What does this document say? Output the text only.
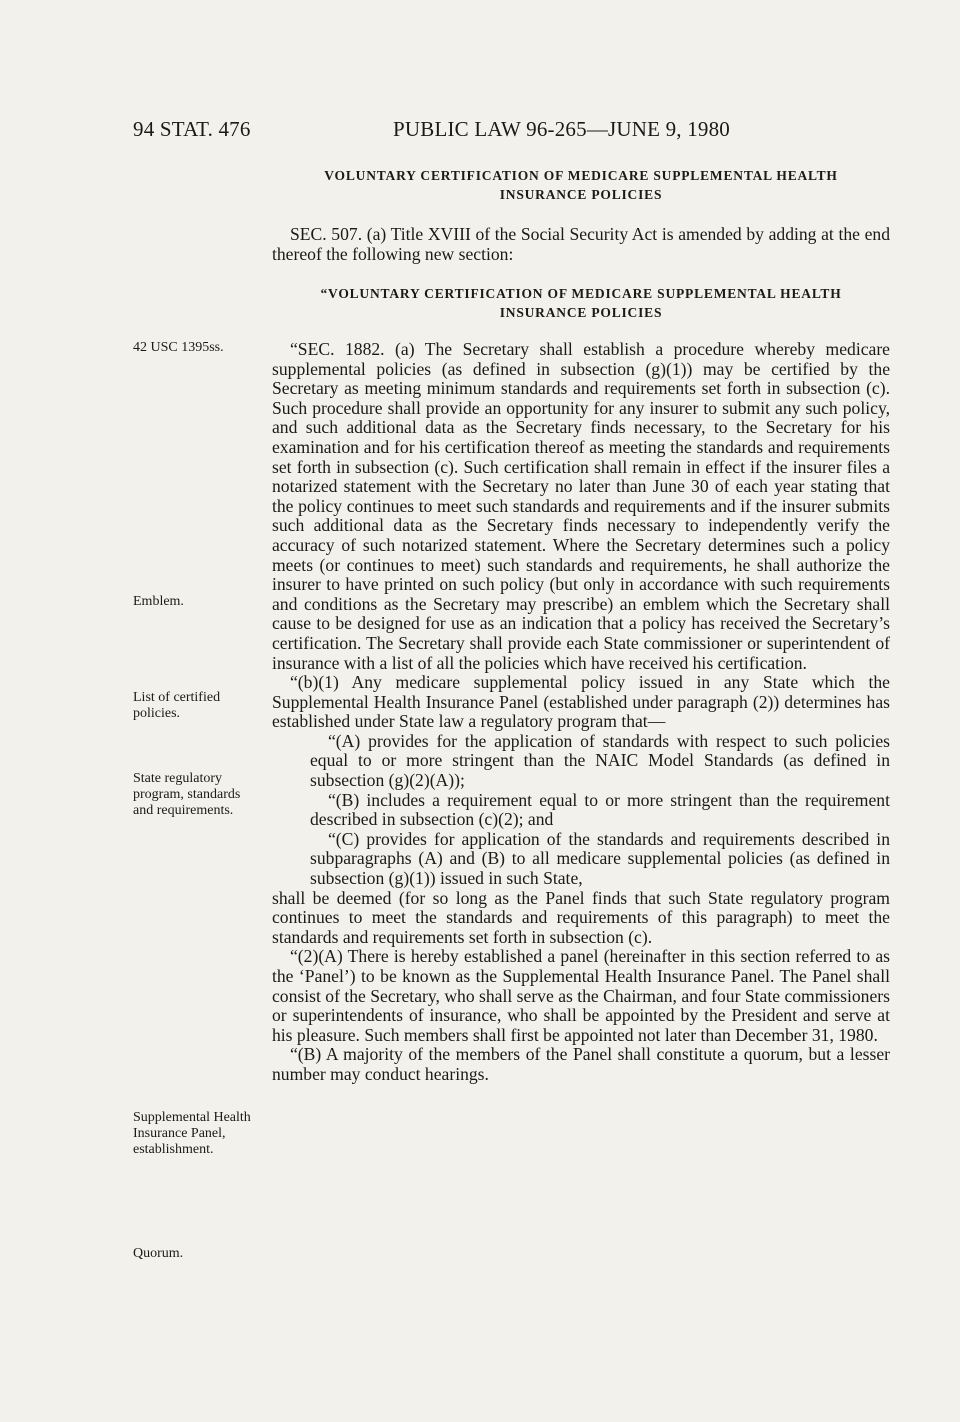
94 STAT. 476	PUBLIC LAW 96-265—JUNE 9, 1980
VOLUNTARY CERTIFICATION OF MEDICARE SUPPLEMENTAL HEALTH
INSURANCE POLICIES

SEC. 507. (a) Title XVIII of the Social Security Act is amended by adding at the end thereof the following new section:

“VOLUNTARY CERTIFICATION OF MEDICARE SUPPLEMENTAL HEALTH
INSURANCE POLICIES
42 USC 1395ss.
Emblem.
List of certified policies.
State regulatory program, standards and requirements.
Supplemental Health Insurance Panel, establishment.
Quorum.

“SEC. 1882. (a) The Secretary shall establish a procedure whereby medicare supplemental policies (as defined in subsection (g)(1)) may be certified by the Secretary as meeting minimum standards and requirements set forth in subsection (c). Such procedure shall provide an opportunity for any insurer to submit any such policy, and such additional data as the Secretary finds necessary, to the Secretary for his examination and for his certification thereof as meeting the standards and requirements set forth in subsection (c). Such certification shall remain in effect if the insurer files a notarized statement with the Secretary no later than June 30 of each year stating that the policy continues to meet such standards and requirements and if the insurer submits such additional data as the Secretary finds necessary to independently verify the accuracy of such notarized statement. Where the Secretary determines such a policy meets (or continues to meet) such standards and requirements, he shall authorize the insurer to have printed on such policy (but only in accordance with such requirements and conditions as the Secretary may prescribe) an emblem which the Secretary shall cause to be designed for use as an indication that a policy has received the Secretary’s certification. The Secretary shall provide each State commissioner or superintendent of insurance with a list of all the policies which have received his certification.

“(b)(1) Any medicare supplemental policy issued in any State which the Supplemental Health Insurance Panel (established under paragraph (2)) determines has established under State law a regulatory program that—

“(A) provides for the application of standards with respect to such policies equal to or more stringent than the NAIC Model Standards (as defined in subsection (g)(2)(A));

“(B) includes a requirement equal to or more stringent than the requirement described in subsection (c)(2); and

“(C) provides for application of the standards and requirements described in subparagraphs (A) and (B) to all medicare supplemental policies (as defined in subsection (g)(1)) issued in such State,

shall be deemed (for so long as the Panel finds that such State regulatory program continues to meet the standards and requirements of this paragraph) to meet the standards and requirements set forth in subsection (c).

“(2)(A) There is hereby established a panel (hereinafter in this section referred to as the ‘Panel’) to be known as the Supplemental Health Insurance Panel. The Panel shall consist of the Secretary, who shall serve as the Chairman, and four State commissioners or superintendents of insurance, who shall be appointed by the President and serve at his pleasure. Such members shall first be appointed not later than December 31, 1980.

“(B) A majority of the members of the Panel shall constitute a quorum, but a lesser number may conduct hearings.
